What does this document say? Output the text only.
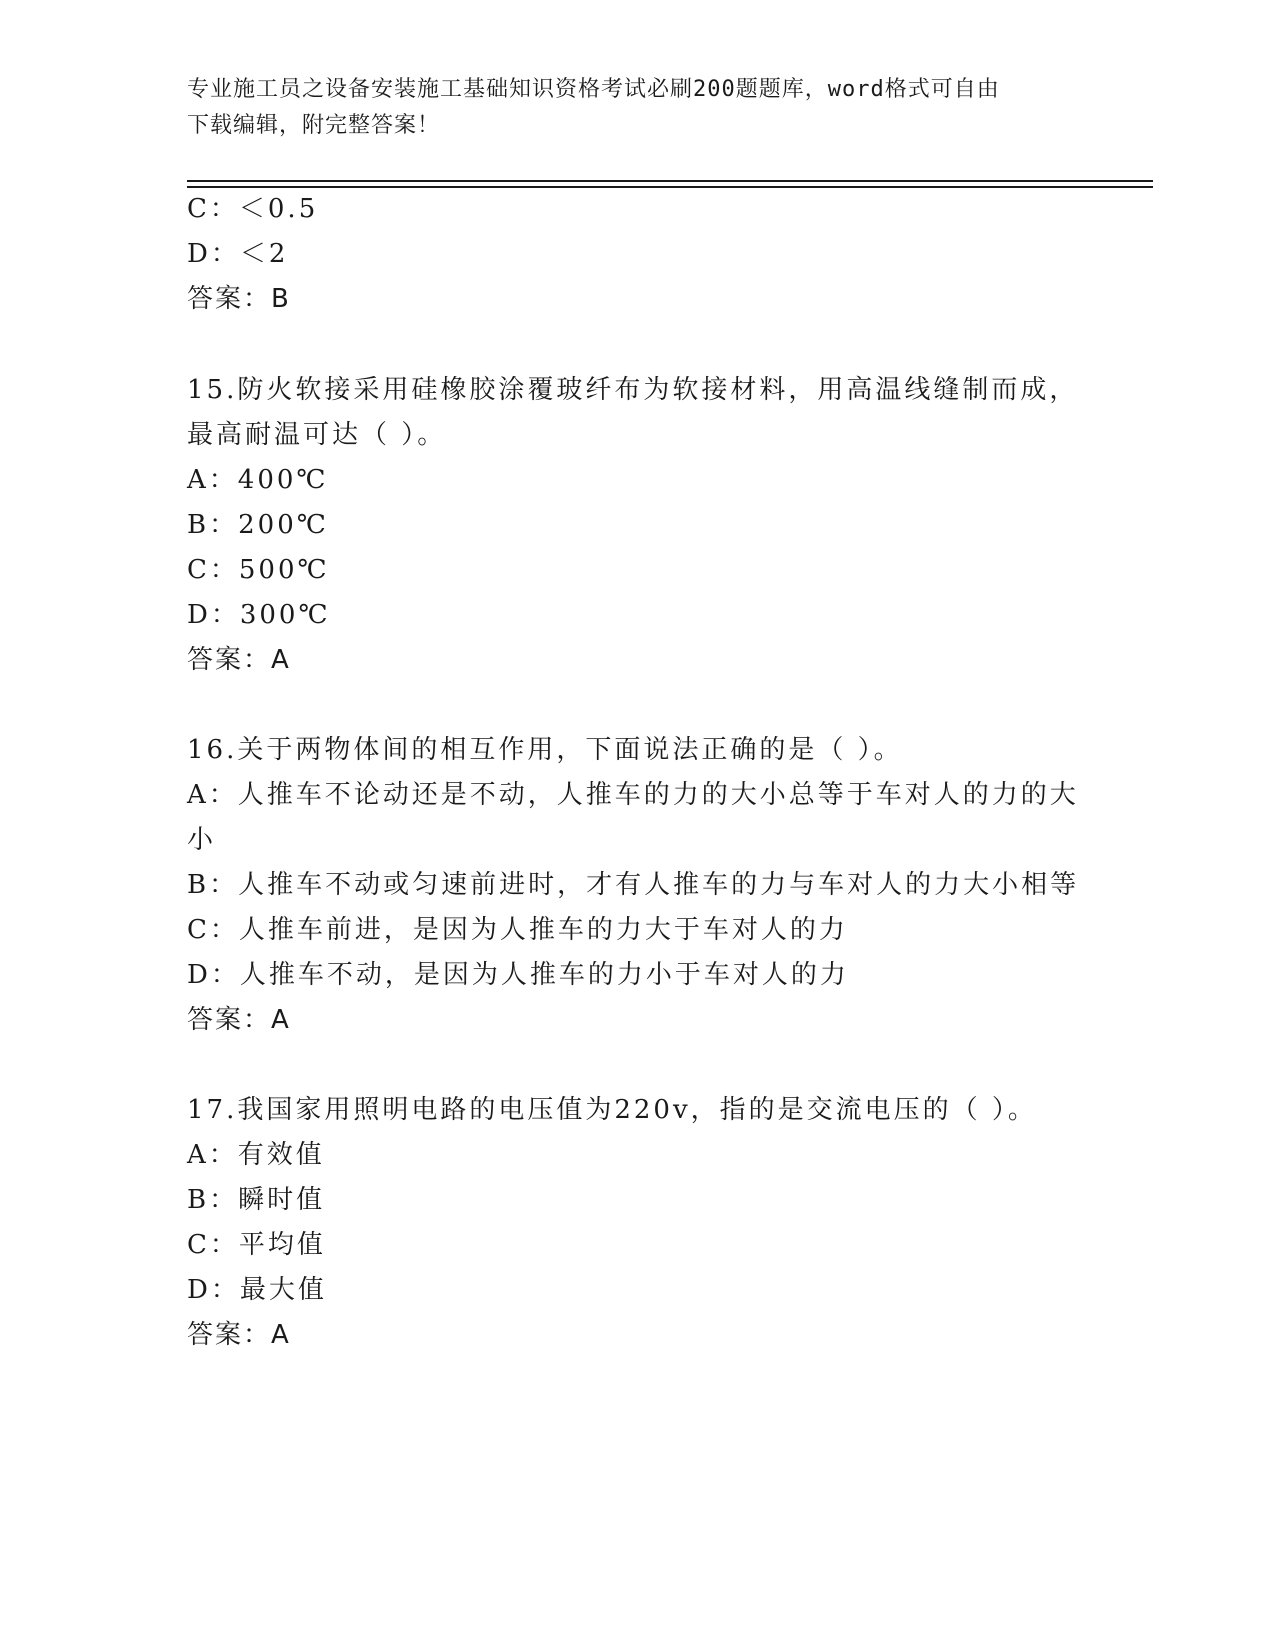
专业施工员之设备安装施工基础知识资格考试必刷200题题库，word格式可自由
下载编辑，附完整答案！
C：＜0.5
D：＜2
答案：B
15.防火软接采用硅橡胶涂覆玻纤布为软接材料，用高温线缝制而成，
最高耐温可达（ ）。
A：400℃
B：200℃
C：500℃
D：300℃
答案：A
16.关于两物体间的相互作用，下面说法正确的是（ ）。
A：人推车不论动还是不动，人推车的力的大小总等于车对人的力的大
小
B：人推车不动或匀速前进时，才有人推车的力与车对人的力大小相等
C：人推车前进，是因为人推车的力大于车对人的力
D：人推车不动，是因为人推车的力小于车对人的力
答案：A
17.我国家用照明电路的电压值为220v，指的是交流电压的（ ）。
A：有效值
B：瞬时值
C：平均值
D：最大值
答案：A
